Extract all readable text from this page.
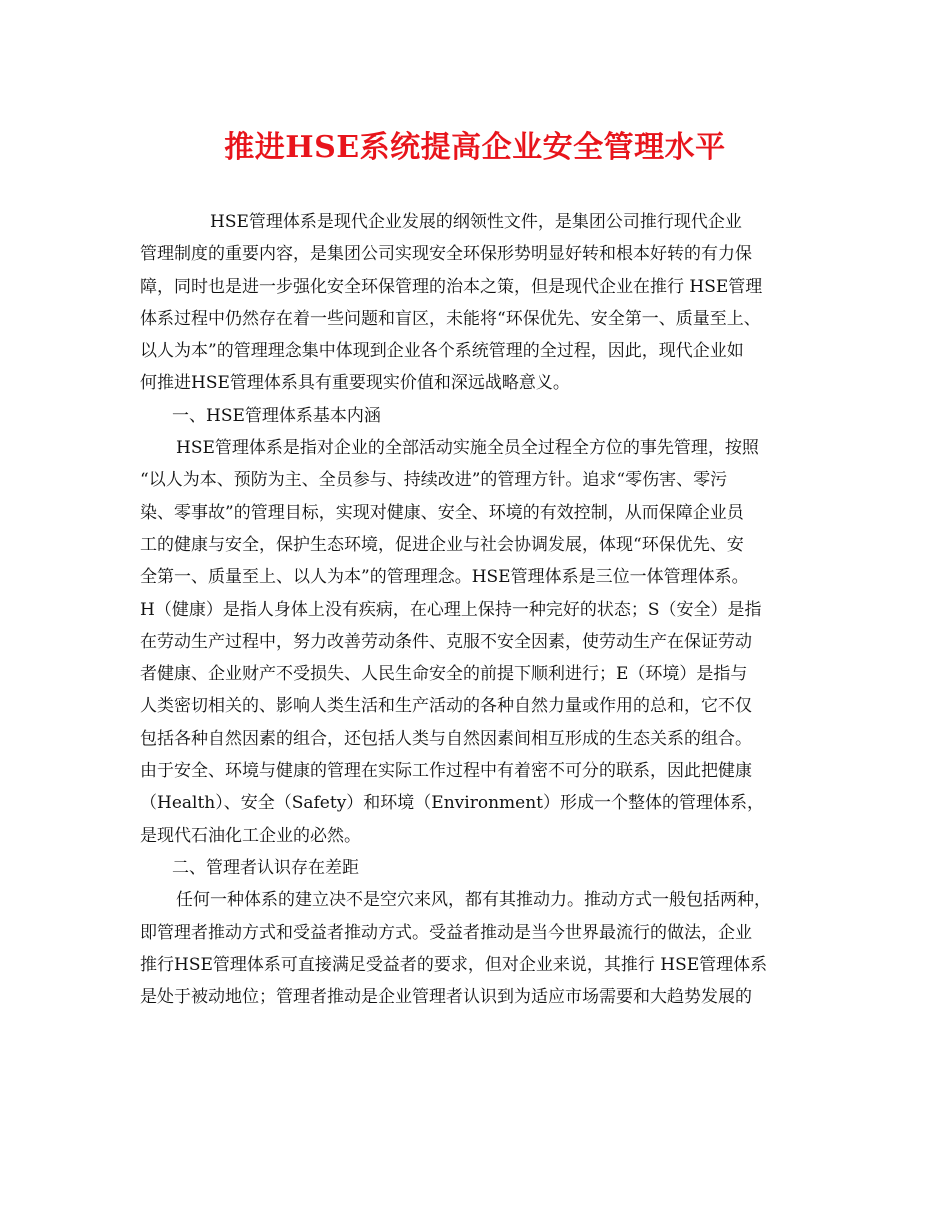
推进HSE系统提高企业安全管理水平
HSE管理体系是现代企业发展的纲领性文件，是集团公司推行现代企业
管理制度的重要内容，是集团公司实现安全环保形势明显好转和根本好转的有力保
障，同时也是进一步强化安全环保管理的治本之策，但是现代企业在推行 HSE管理
体系过程中仍然存在着一些问题和盲区，未能将“环保优先、安全第一、质量至上、
以人为本”的管理理念集中体现到企业各个系统管理的全过程，因此，现代企业如
何推进HSE管理体系具有重要现实价值和深远战略意义。
一、HSE管理体系基本内涵
HSE管理体系是指对企业的全部活动实施全员全过程全方位的事先管理，按照
“以人为本、预防为主、全员参与、持续改进”的管理方针。追求“零伤害、零污
染、零事故”的管理目标，实现对健康、安全、环境的有效控制，从而保障企业员
工的健康与安全，保护生态环境，促进企业与社会协调发展，体现“环保优先、安
全第一、质量至上、以人为本”的管理理念。HSE管理体系是三位一体管理体系。
H（健康）是指人身体上没有疾病，在心理上保持一种完好的状态；S（安全）是指
在劳动生产过程中，努力改善劳动条件、克服不安全因素，使劳动生产在保证劳动
者健康、企业财产不受损失、人民生命安全的前提下顺利进行；E（环境）是指与
人类密切相关的、影响人类生活和生产活动的各种自然力量或作用的总和，它不仅
包括各种自然因素的组合，还包括人类与自然因素间相互形成的生态关系的组合。
由于安全、环境与健康的管理在实际工作过程中有着密不可分的联系，因此把健康
（Health）、安全（Safety）和环境（Environment）形成一个整体的管理体系，
是现代石油化工企业的必然。
二、管理者认识存在差距
任何一种体系的建立决不是空穴来风，都有其推动力。推动方式一般包括两种，
即管理者推动方式和受益者推动方式。受益者推动是当今世界最流行的做法，企业
推行HSE管理体系可直接满足受益者的要求，但对企业来说，其推行 HSE管理体系
是处于被动地位；管理者推动是企业管理者认识到为适应市场需要和大趋势发展的
